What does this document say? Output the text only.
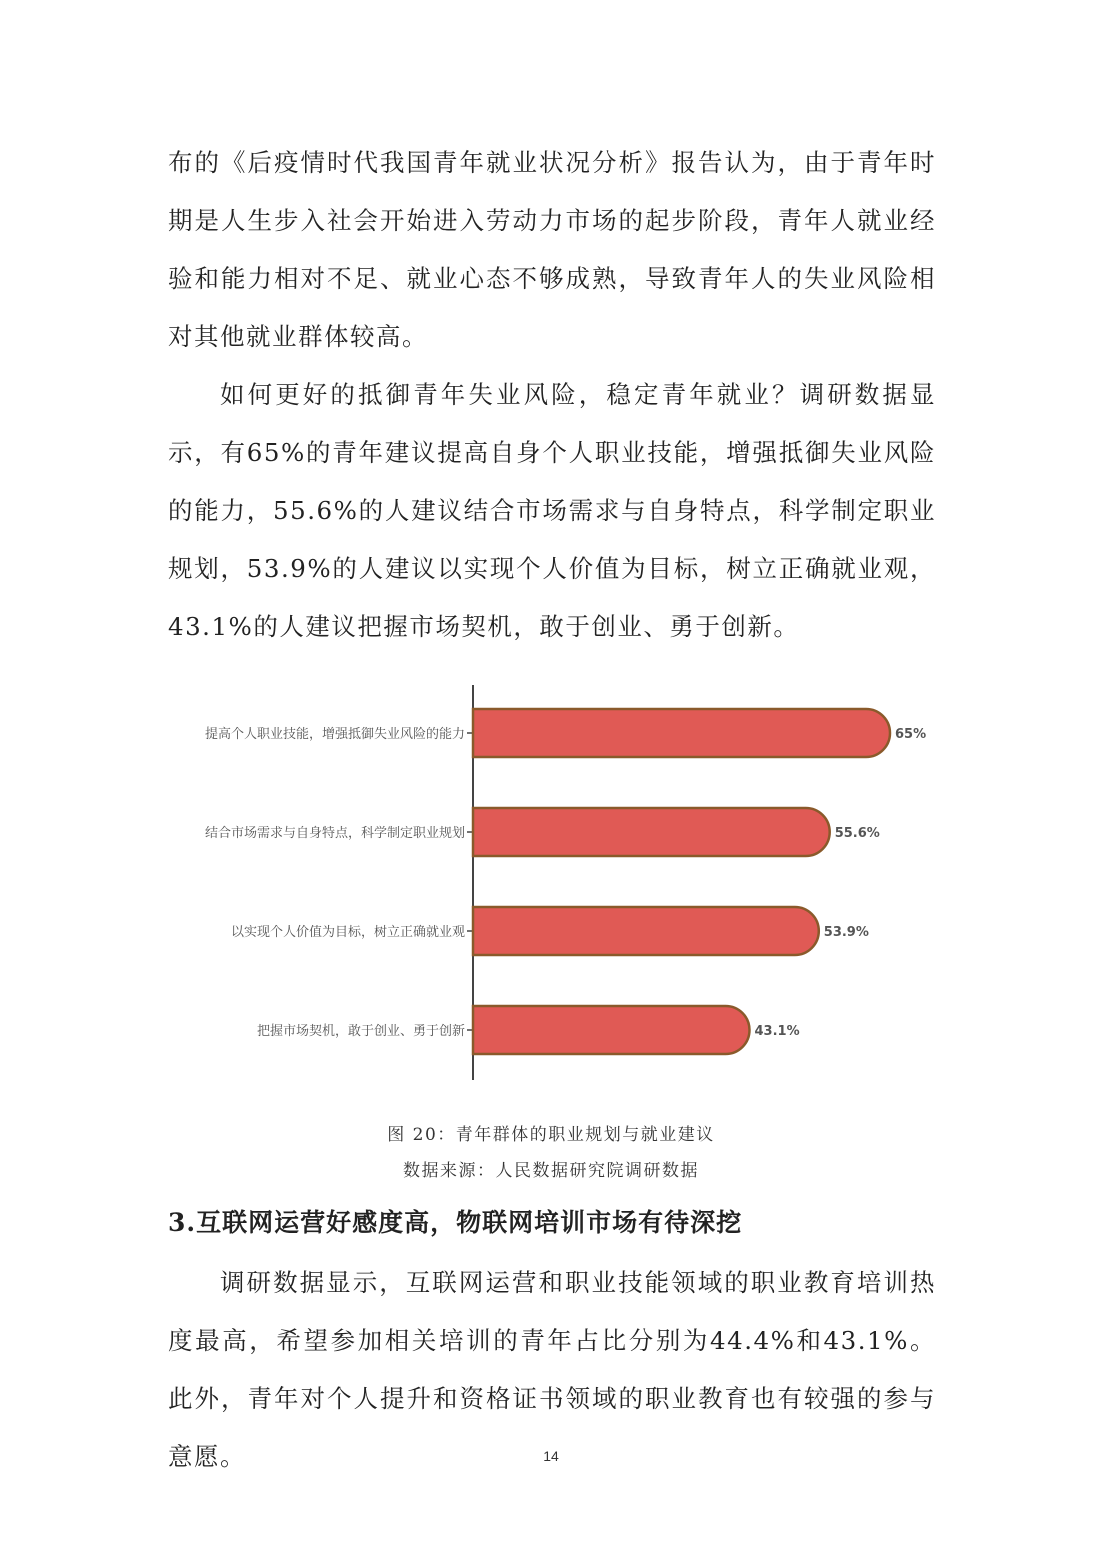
布的《后疫情时代我国青年就业状况分析》报告认为，由于青年时期是人生步入社会开始进入劳动力市场的起步阶段，青年人就业经验和能力相对不足、就业心态不够成熟，导致青年人的失业风险相对其他就业群体较高。

如何更好的抵御青年失业风险，稳定青年就业？调研数据显示，有65%的青年建议提高自身个人职业技能，增强抵御失业风险的能力，55.6%的人建议结合市场需求与自身特点，科学制定职业规划，53.9%的人建议以实现个人价值为目标，树立正确就业观，43.1%的人建议把握市场契机，敢于创业、勇于创新。

提高个人职业技能，增强抵御失业风险的能力	65%
结合市场需求与自身特点，科学制定职业规划	55.6%
以实现个人价值为目标，树立正确就业观	53.9%
把握市场契机，敢于创业、勇于创新	43.1%
图 20：青年群体的职业规划与就业建议
数据来源：人民数据研究院调研数据
3.互联网运营好感度高，物联网培训市场有待深挖

调研数据显示，互联网运营和职业技能领域的职业教育培训热度最高，希望参加相关培训的青年占比分别为44.4%和43.1%。此外，青年对个人提升和资格证书领域的职业教育也有较强的参与意愿。	14
